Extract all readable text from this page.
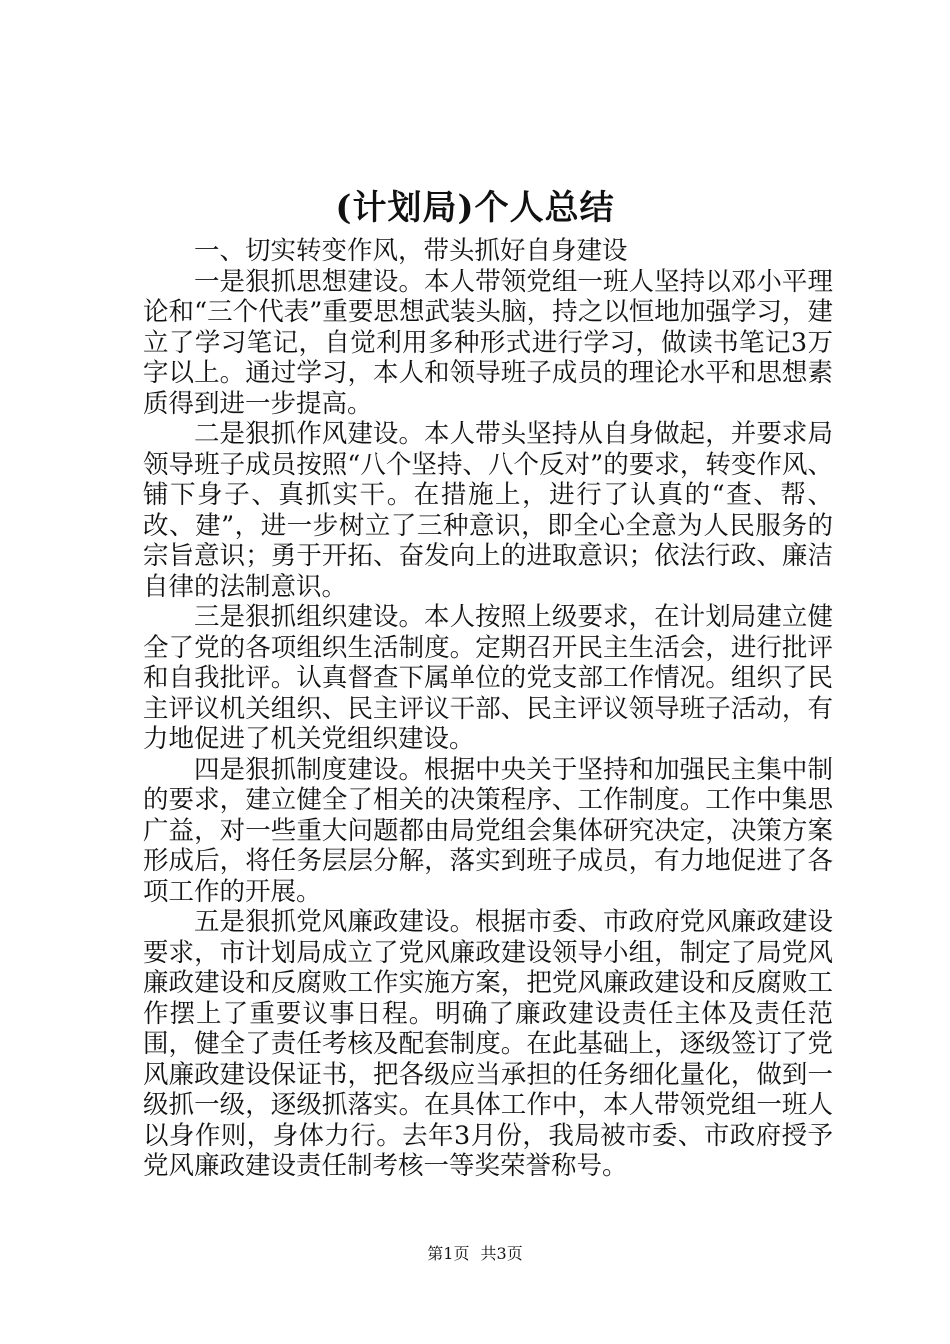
(计划局)个人总结

一、切实转变作风，带头抓好自身建设

一是狠抓思想建设。本人带领党组一班人坚持以邓小平理论和“三个代表”重要思想武装头脑，持之以恒地加强学习，建立了学习笔记，自觉利用多种形式进行学习，做读书笔记3万字以上。通过学习，本人和领导班子成员的理论水平和思想素质得到进一步提高。

二是狠抓作风建设。本人带头坚持从自身做起，并要求局领导班子成员按照“八个坚持、八个反对”的要求，转变作风、铺下身子、真抓实干。在措施上，进行了认真的“查、帮、改、建”，进一步树立了三种意识，即全心全意为人民服务的宗旨意识；勇于开拓、奋发向上的进取意识；依法行政、廉洁自律的法制意识。

三是狠抓组织建设。本人按照上级要求，在计划局建立健全了党的各项组织生活制度。定期召开民主生活会，进行批评和自我批评。认真督查下属单位的党支部工作情况。组织了民主评议机关组织、民主评议干部、民主评议领导班子活动，有力地促进了机关党组织建设。

四是狠抓制度建设。根据中央关于坚持和加强民主集中制的要求，建立健全了相关的决策程序、工作制度。工作中集思广益，对一些重大问题都由局党组会集体研究决定，决策方案形成后，将任务层层分解，落实到班子成员，有力地促进了各项工作的开展。

五是狠抓党风廉政建设。根据市委、市政府党风廉政建设要求，市计划局成立了党风廉政建设领导小组，制定了局党风廉政建设和反腐败工作实施方案，把党风廉政建设和反腐败工作摆上了重要议事日程。明确了廉政建设责任主体及责任范围，健全了责任考核及配套制度。在此基础上，逐级签订了党风廉政建设保证书，把各级应当承担的任务细化量化，做到一级抓一级，逐级抓落实。在具体工作中，本人带领党组一班人以身作则，身体力行。去年3月份，我局被市委、市政府授予党风廉政建设责任制考核一等奖荣誉称号。

第1页 共3页
